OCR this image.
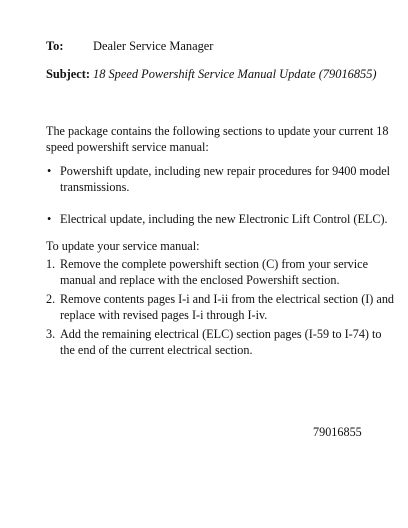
To: Dealer Service Manager
Subject: 18 Speed Powershift Service Manual Update (79016855)
The package contains the following sections to update your current 18 speed powershift service manual:
• Powershift update, including new repair procedures for 9400 model transmissions.
• Electrical update, including the new Electronic Lift Control (ELC).
To update your service manual:
1. Remove the complete powershift section (C) from your service manual and replace with the enclosed Powershift section.
2. Remove contents pages I-i and I-ii from the electrical section (I) and replace with revised pages I-i through I-iv.
3. Add the remaining electrical (ELC) section pages (I-59 to I-74) to the end of the current electrical section.
79016855
